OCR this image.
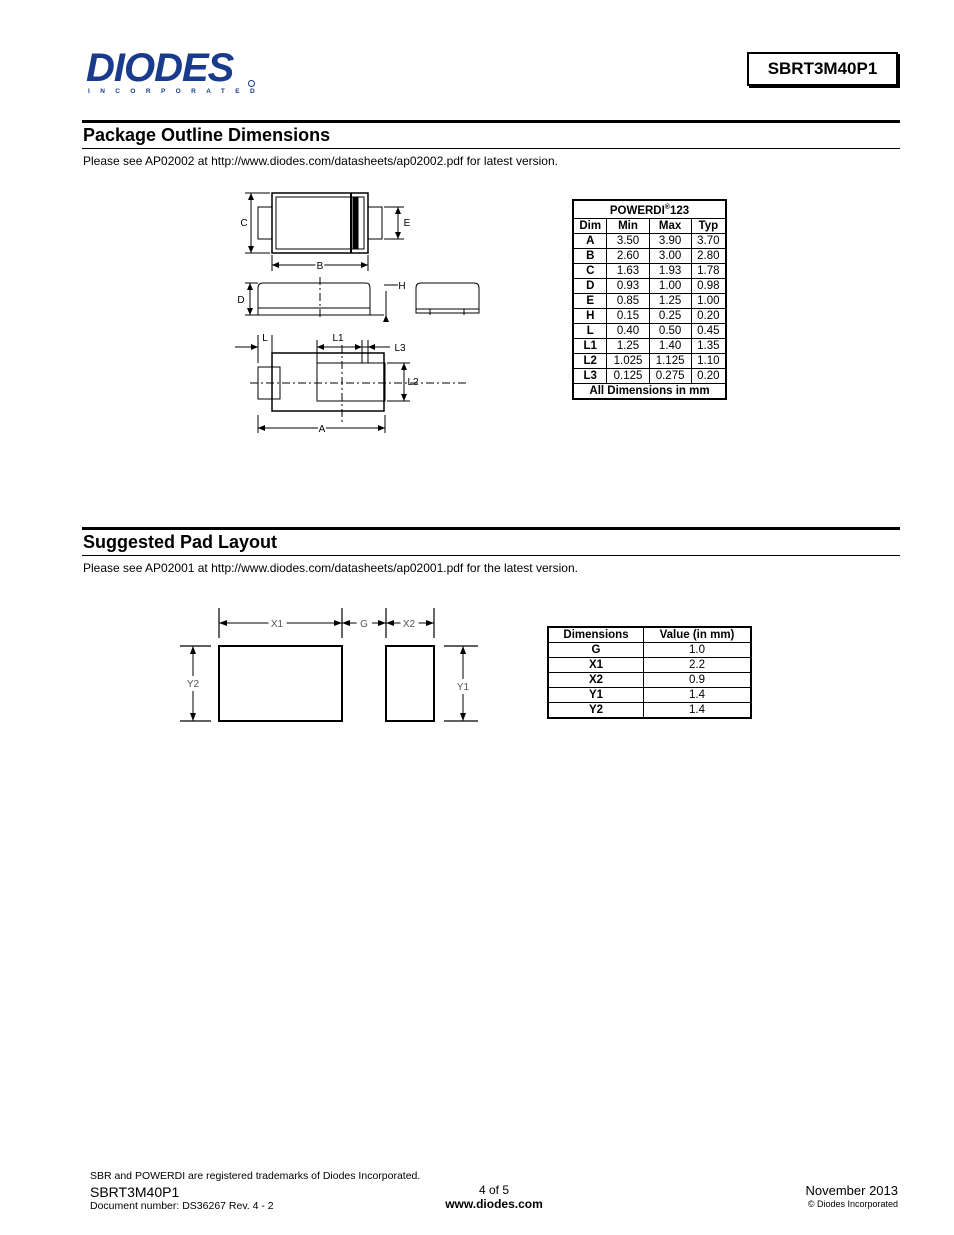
DIODES
INCORPORATED
SBRT3M40P1
Package Outline Dimensions
Please see AP02002 at http://www.diodes.com/datasheets/ap02002.pdf for latest version.
C	E
B
D
H
L	L1
L3
L2
A
POWERDI®123			
Dim	Min	Max	Typ
A	3.50	3.90	3.70
B	2.60	3.00	2.80
C	1.63	1.93	1.78
D	0.93	1.00	0.98
E	0.85	1.25	1.00
H	0.15	0.25	0.20
L	0.40	0.50	0.45
L1	1.25	1.40	1.35
L2	1.025	1.125	1.10
L3	0.125	0.275	0.20
All Dimensions in mm			
Suggested Pad Layout
Please see AP02001 at http://www.diodes.com/datasheets/ap02001.pdf for the latest version.
X1	G	X2
Y2	Y1
Dimensions	Value (in mm)
G	1.0
X1	2.2
X2	0.9
Y1	1.4
Y2	1.4
SBR and POWERDI are registered trademarks of Diodes Incorporated.
SBRT3M40P1
Document number: DS36267 Rev. 4 - 2
4 of 5
www.diodes.com
November 2013
© Diodes Incorporated
